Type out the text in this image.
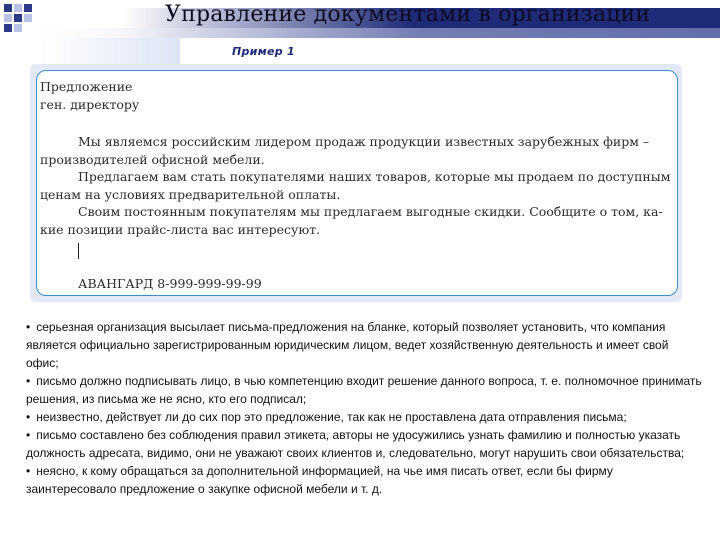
Управление документами в организации
Пример 1

Предложение

ген. директору

Мы являемся российским лидером продаж продукции известных зарубежных фирм – производителей офисной мебели.

Предлагаем вам стать покупателями наших товаров, которые мы продаем по доступным ценам на условиях предварительной оплаты.

Своим постоянным покупателям мы предлагаем выгодные скидки. Сообщите о том, ка-кие позиции прайс-листа вас интересуют.

АВАНГАРД 8-999-999-99-99

• серьезная организация высылает письма-предложения на бланке, который позволяет установить, что компания является официально зарегистрированным юридическим лицом, ведет хозяйственную деятельность и имеет свой офис;

• письмо должно подписывать лицо, в чью компетенцию входит решение данного вопроса, т. е. полномочное принимать решения, из письма же не ясно, кто его подписал;

• неизвестно, действует ли до сих пор это предложение, так как не проставлена дата отправления письма;

• письмо составлено без соблюдения правил этикета, авторы не удосужились узнать фамилию и полностью указать должность адресата, видимо, они не уважают своих клиентов и, следовательно, могут нарушить свои обязательства;

• неясно, к кому обращаться за дополнительной информацией, на чье имя писать ответ, если бы фирму заинтересовало предложение о закупке офисной мебели и т. д.
